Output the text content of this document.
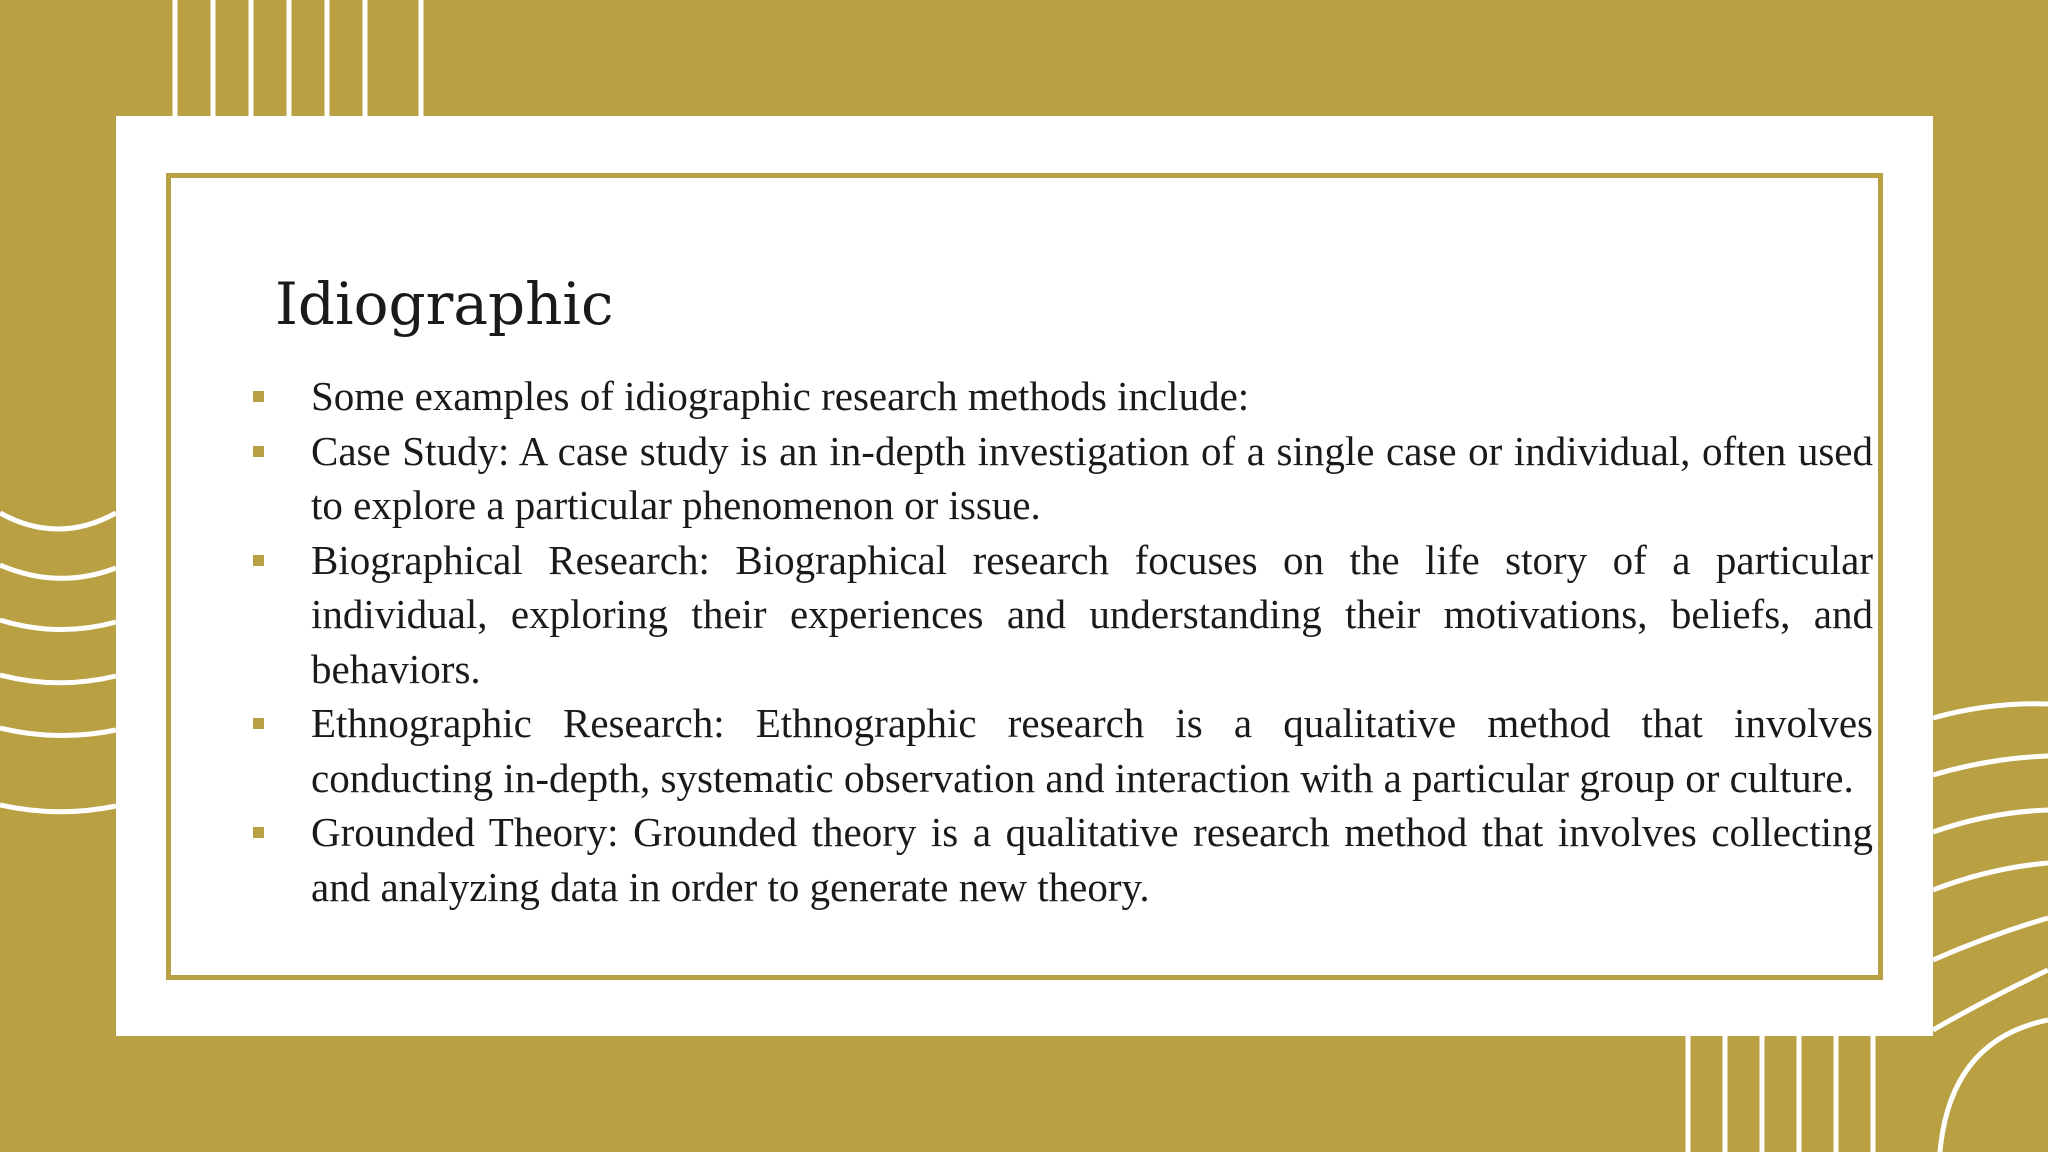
Idiographic
Some examples of idiographic research methods include:
Case Study: A case study is an in-depth investigation of a single case or individual, often used to explore a particular phenomenon or issue.
Biographical Research: Biographical research focuses on the life story of a particular individual, exploring their experiences and understanding their motivations, beliefs, and behaviors.
Ethnographic Research: Ethnographic research is a qualitative method that involves conducting in-depth, systematic observation and interaction with a particular group or culture.
Grounded Theory: Grounded theory is a qualitative research method that involves collecting and analyzing data in order to generate new theory.
